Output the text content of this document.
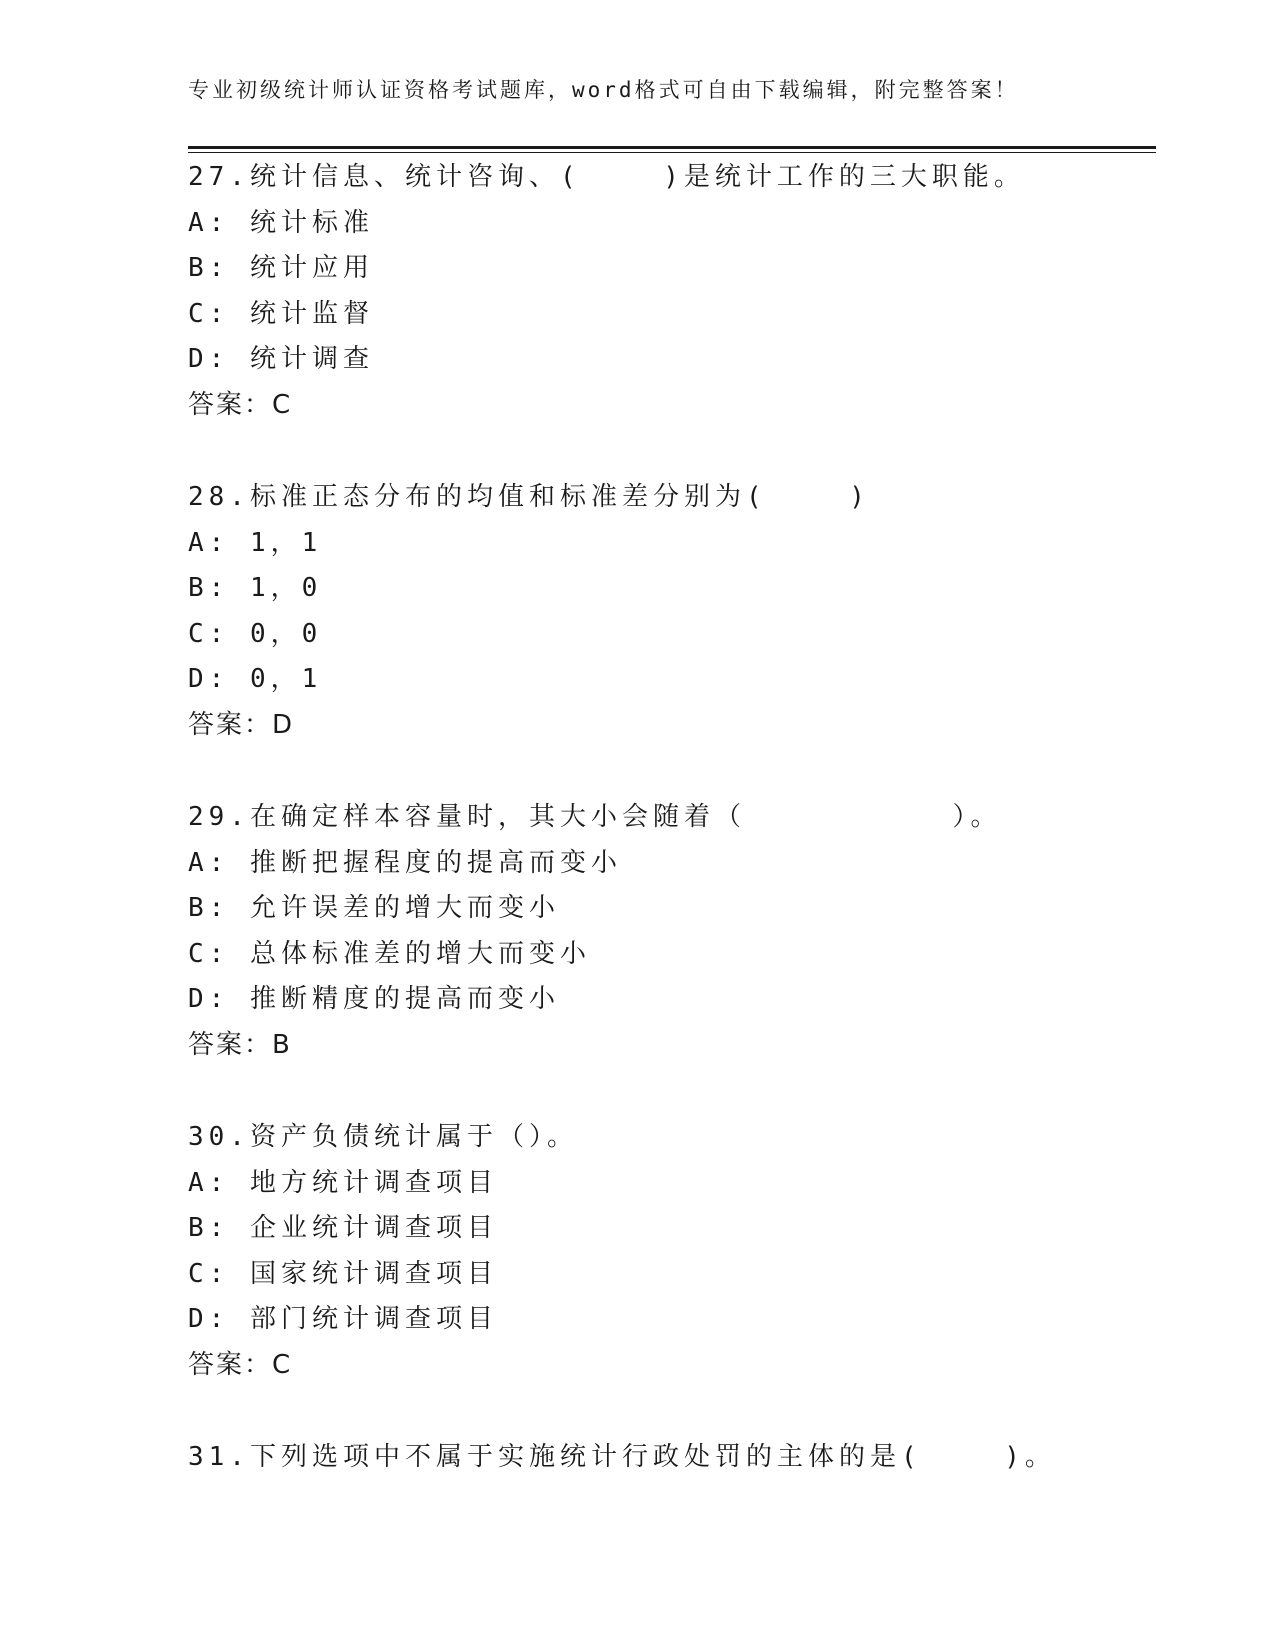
专业初级统计师认证资格考试题库，word格式可自由下载编辑，附完整答案！
27.统计信息、统计咨询、(    )是统计工作的三大职能。
A: 统计标准
B: 统计应用
C: 统计监督
D: 统计调查
答案：C
28.标准正态分布的均值和标准差分别为(    )
A: 1，1
B: 1，0
C: 0，0
D: 0，1
答案：D
29.在确定样本容量时，其大小会随着（          ）。
A: 推断把握程度的提高而变小
B: 允许误差的增大而变小
C: 总体标准差的增大而变小
D: 推断精度的提高而变小
答案：B
30.资产负债统计属于（）。
A: 地方统计调查项目
B: 企业统计调查项目
C: 国家统计调查项目
D: 部门统计调查项目
答案：C
31.下列选项中不属于实施统计行政处罚的主体的是(    )。
